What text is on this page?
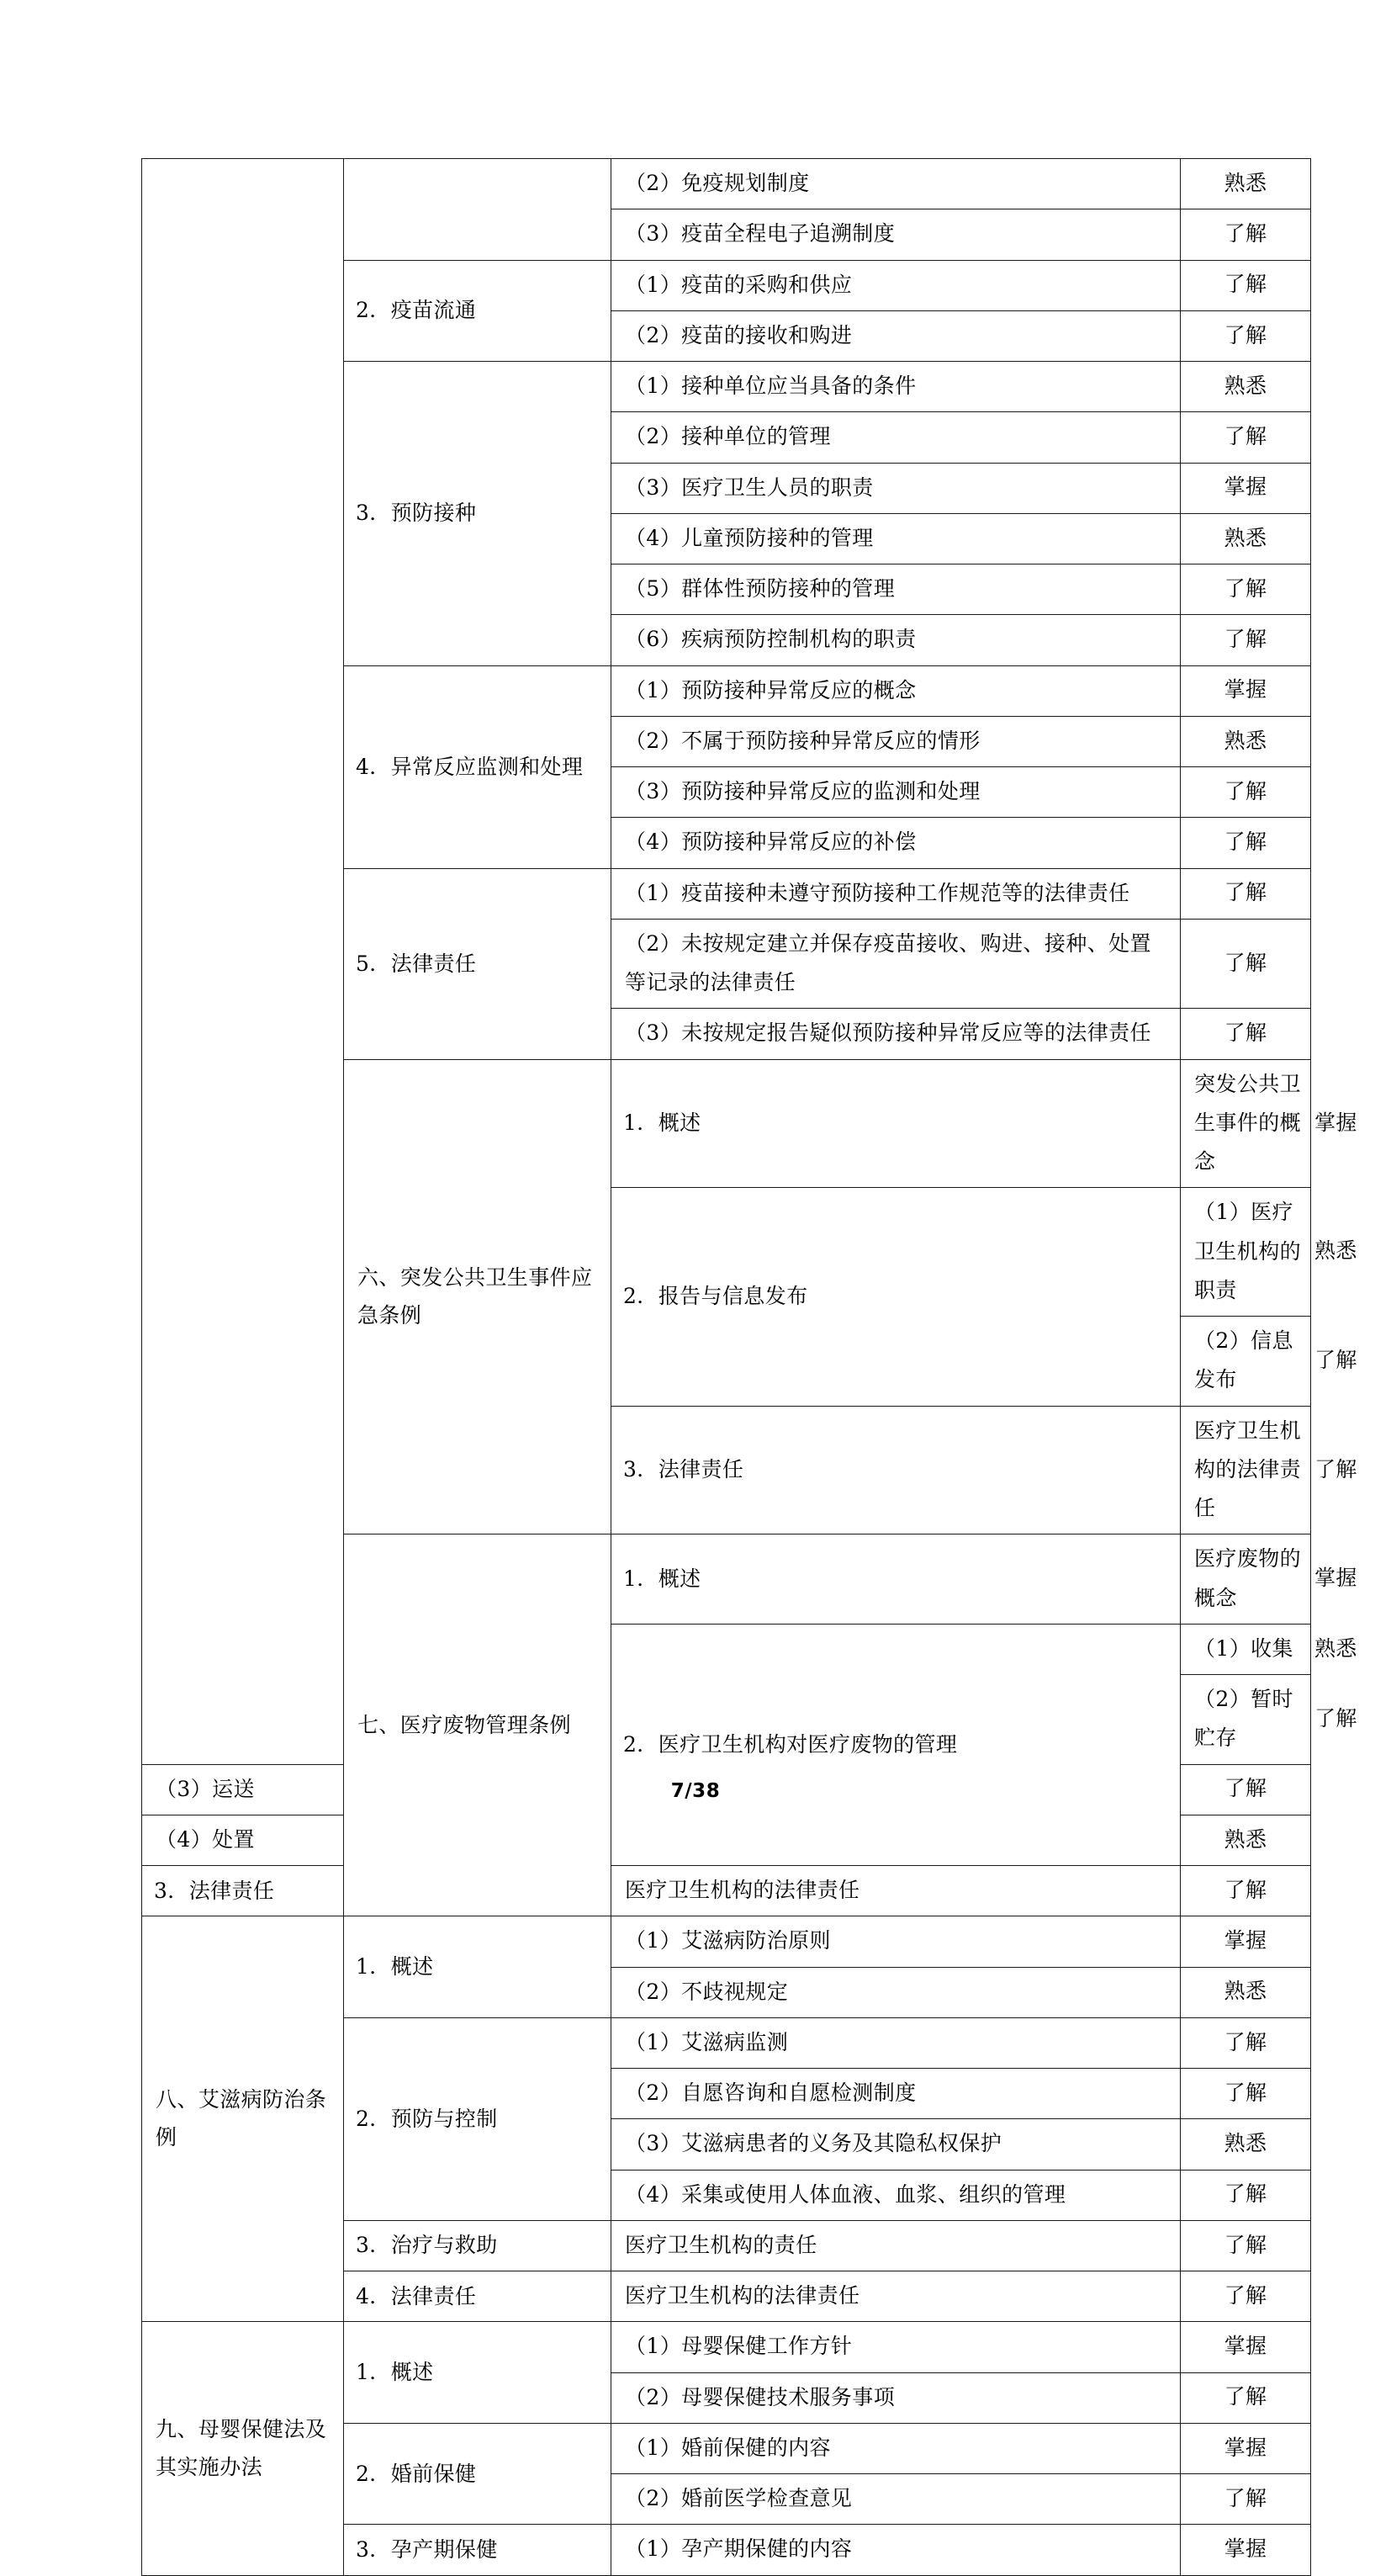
		（2）免疫规划制度	熟悉	
		（3）疫苗全程电子追溯制度	了解	
	2．疫苗流通	（1）疫苗的采购和供应	了解	
		（2）疫苗的接收和购进	了解	
	3．预防接种	（1）接种单位应当具备的条件	熟悉	
		（2）接种单位的管理	了解	
		（3）医疗卫生人员的职责	掌握	
		（4）儿童预防接种的管理	熟悉	
		（5）群体性预防接种的管理	了解	
		（6）疾病预防控制机构的职责	了解	
	4．异常反应监测和处理	（1）预防接种异常反应的概念	掌握	
		（2）不属于预防接种异常反应的情形	熟悉	
		（3）预防接种异常反应的监测和处理	了解	
		（4）预防接种异常反应的补偿	了解	
	5．法律责任	（1）疫苗接种未遵守预防接种工作规范等的法律责任	了解	
		（2）未按规定建立并保存疫苗接收、购进、接种、处置等记录的法律责任	了解	
		（3）未按规定报告疑似预防接种异常反应等的法律责任	了解	
	六、突发公共卫生事件应急条例	1．概述	突发公共卫生事件的概念	掌握
		2．报告与信息发布	（1）医疗卫生机构的职责	熟悉
			（2）信息发布	了解
		3．法律责任	医疗卫生机构的法律责任	了解
	七、医疗废物管理条例	1．概述	医疗废物的概念	掌握
		2．医疗卫生机构对医疗废物的管理	（1）收集	熟悉
			（2）暂时贮存	了解
（3）运送			了解	
（4）处置			熟悉	
3．法律责任		医疗卫生机构的法律责任	了解	
八、艾滋病防治条例	1．概述	（1）艾滋病防治原则	掌握	
		（2）不歧视规定	熟悉	
	2．预防与控制	（1）艾滋病监测	了解	
		（2）自愿咨询和自愿检测制度	了解	
		（3）艾滋病患者的义务及其隐私权保护	熟悉	
		（4）采集或使用人体血液、血浆、组织的管理	了解	
	3．治疗与救助	医疗卫生机构的责任	了解	
	4．法律责任	医疗卫生机构的法律责任	了解	
九、母婴保健法及其实施办法	1．概述	（1）母婴保健工作方针	掌握	
		（2）母婴保健技术服务事项	了解	
	2．婚前保健	（1）婚前保健的内容	掌握	
		（2）婚前医学检查意见	了解	
	3．孕产期保健	（1）孕产期保健的内容	掌握	
7/38
